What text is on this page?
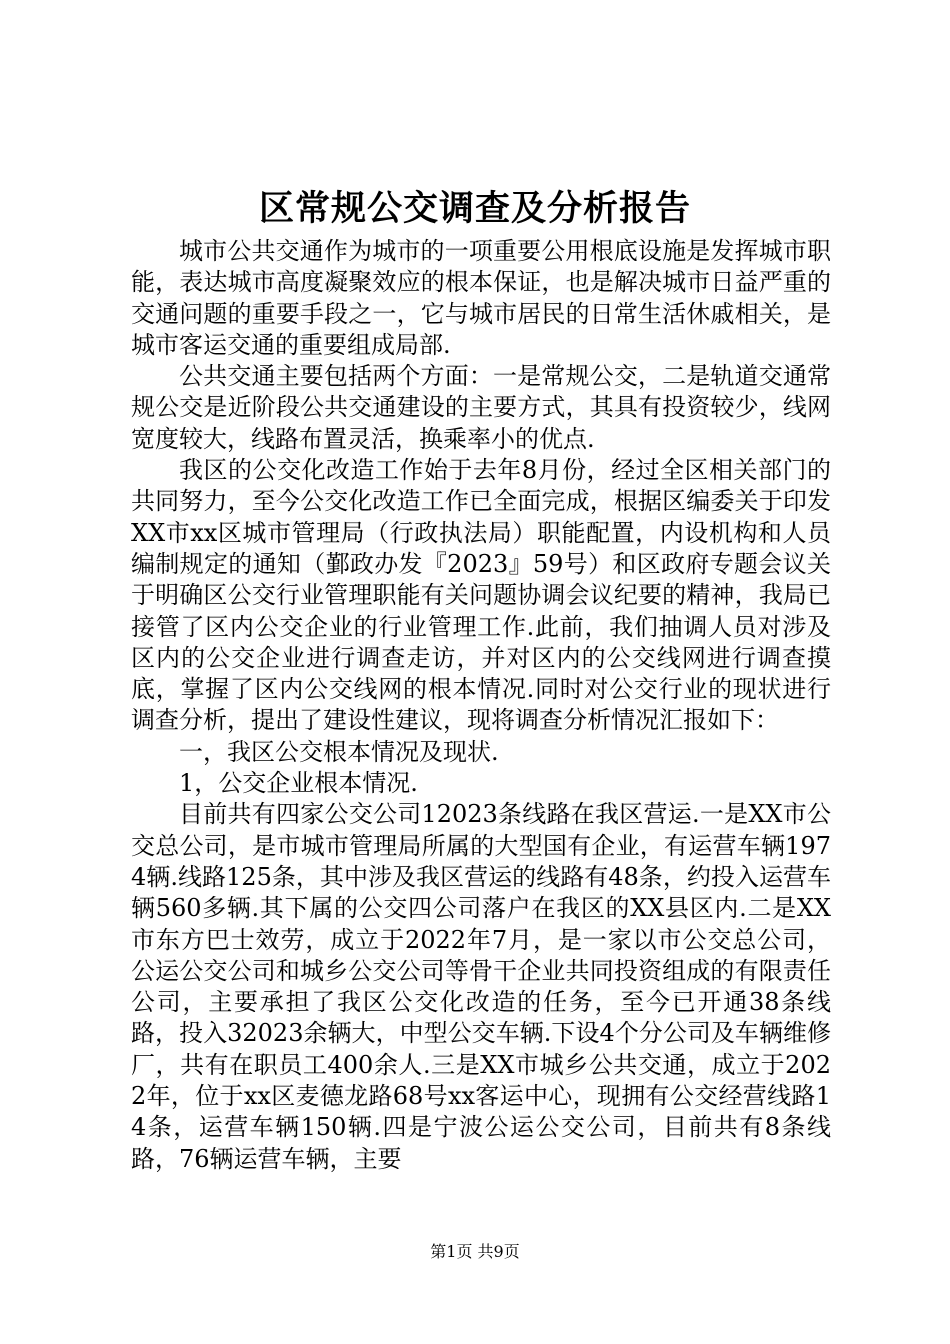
区常规公交调查及分析报告

城市公共交通作为城市的一项重要公用根底设施是发挥城市职能，表达城市高度凝聚效应的根本保证，也是解决城市日益严重的交通问题的重要手段之一，它与城市居民的日常生活休戚相关，是城市客运交通的重要组成局部.

公共交通主要包括两个方面：一是常规公交，二是轨道交通常规公交是近阶段公共交通建设的主要方式，其具有投资较少，线网宽度较大，线路布置灵活，换乘率小的优点.

我区的公交化改造工作始于去年8月份，经过全区相关部门的共同努力，至今公交化改造工作已全面完成，根据区编委关于印发XX市xx区城市管理局（行政执法局）职能配置，内设机构和人员编制规定的通知（鄞政办发『2023』59号）和区政府专题会议关于明确区公交行业管理职能有关问题协调会议纪要的精神，我局已接管了区内公交企业的行业管理工作.此前，我们抽调人员对涉及区内的公交企业进行调查走访，并对区内的公交线网进行调查摸底，掌握了区内公交线网的根本情况.同时对公交行业的现状进行调查分析，提出了建设性建议，现将调查分析情况汇报如下：

一，我区公交根本情况及现状.

1，公交企业根本情况.

目前共有四家公交公司12023条线路在我区营运.一是XX市公交总公司，是市城市管理局所属的大型国有企业，有运营车辆1974辆.线路125条，其中涉及我区营运的线路有48条，约投入运营车辆560多辆.其下属的公交四公司落户在我区的XX县区内.二是XX市东方巴士效劳，成立于2022年7月，是一家以市公交总公司，公运公交公司和城乡公交公司等骨干企业共同投资组成的有限责任公司，主要承担了我区公交化改造的任务，至今已开通38条线路，投入32023余辆大，中型公交车辆.下设4个分公司及车辆维修厂，共有在职员工400余人.三是XX市城乡公共交通，成立于2022年，位于xx区麦德龙路68号xx客运中心，现拥有公交经营线路14条，运营车辆150辆.四是宁波公运公交公司，目前共有8条线路，76辆运营车辆，主要

第1页 共9页
